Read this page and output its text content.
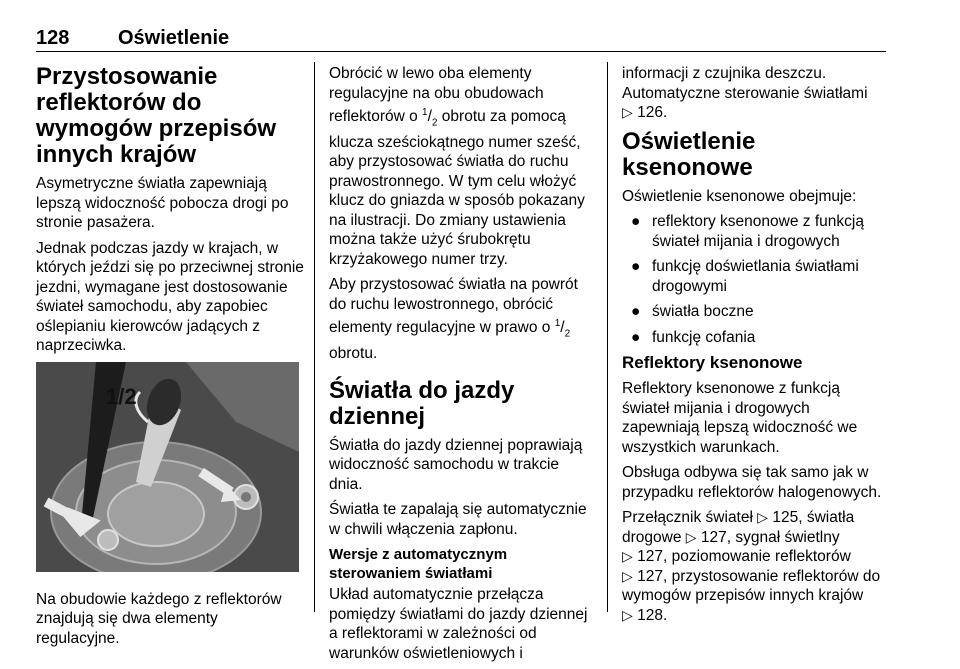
128 Oświetlenie
Przystosowanie reflektorów do wymogów przepisów innych krajów

Asymetryczne światła zapewniają lepszą widoczność pobocza drogi po stronie pasażera.

Jednak podczas jazdy w krajach, w których jeździ się po przeciwnej stronie jezdni, wymagane jest dostosowanie świateł samochodu, aby zapobiec oślepianiu kierowców jadących z naprzeciwka.

1/2

Na obudowie każdego z reflektorów znajdują się dwa elementy regulacyjne.

Obrócić w lewo oba elementy regulacyjne na obu obudowach reflektorów o $^1/_2$ obrotu za pomocą klucza sześciokątnego numer sześć, aby przystosować światła do ruchu prawostronnego. W tym celu włożyć klucz do gniazda w sposób pokazany na ilustracji. Do zmiany ustawienia można także użyć śrubokrętu krzyżakowego numer trzy.

Aby przystosować światła na powrót do ruchu lewostronnego, obrócić elementy regulacyjne w prawo o $^1/_2$ obrotu.

Światła do jazdy dziennej

Światła do jazdy dziennej poprawiają widoczność samochodu w trakcie dnia.

Światła te zapalają się automatycznie w chwili włączenia zapłonu.

Wersje z automatycznym sterowaniem światłami

Układ automatycznie przełącza pomiędzy światłami do jazdy dziennej a reflektorami w zależności od warunków oświetleniowych i

informacji z czujnika deszczu. Automatyczne sterowanie światłami
▷ 126.

Oświetlenie ksenonowe

Oświetlenie ksenonowe obejmuje:

● reflektory ksenonowe z funkcją świateł mijania i drogowych
● funkcję doświetlania światłami drogowymi
● światła boczne
● funkcję cofania
Reflektory ksenonowe

Reflektory ksenonowe z funkcją świateł mijania i drogowych zapewniają lepszą widoczność we wszystkich warunkach.

Obsługa odbywa się tak samo jak w przypadku reflektorów halogenowych.

Przełącznik świateł ▷ 125, światła drogowe ▷ 127, sygnał świetlny
▷ 127, poziomowanie reflektorów
▷ 127, przystosowanie reflektorów do wymogów przepisów innych krajów
▷ 128.
